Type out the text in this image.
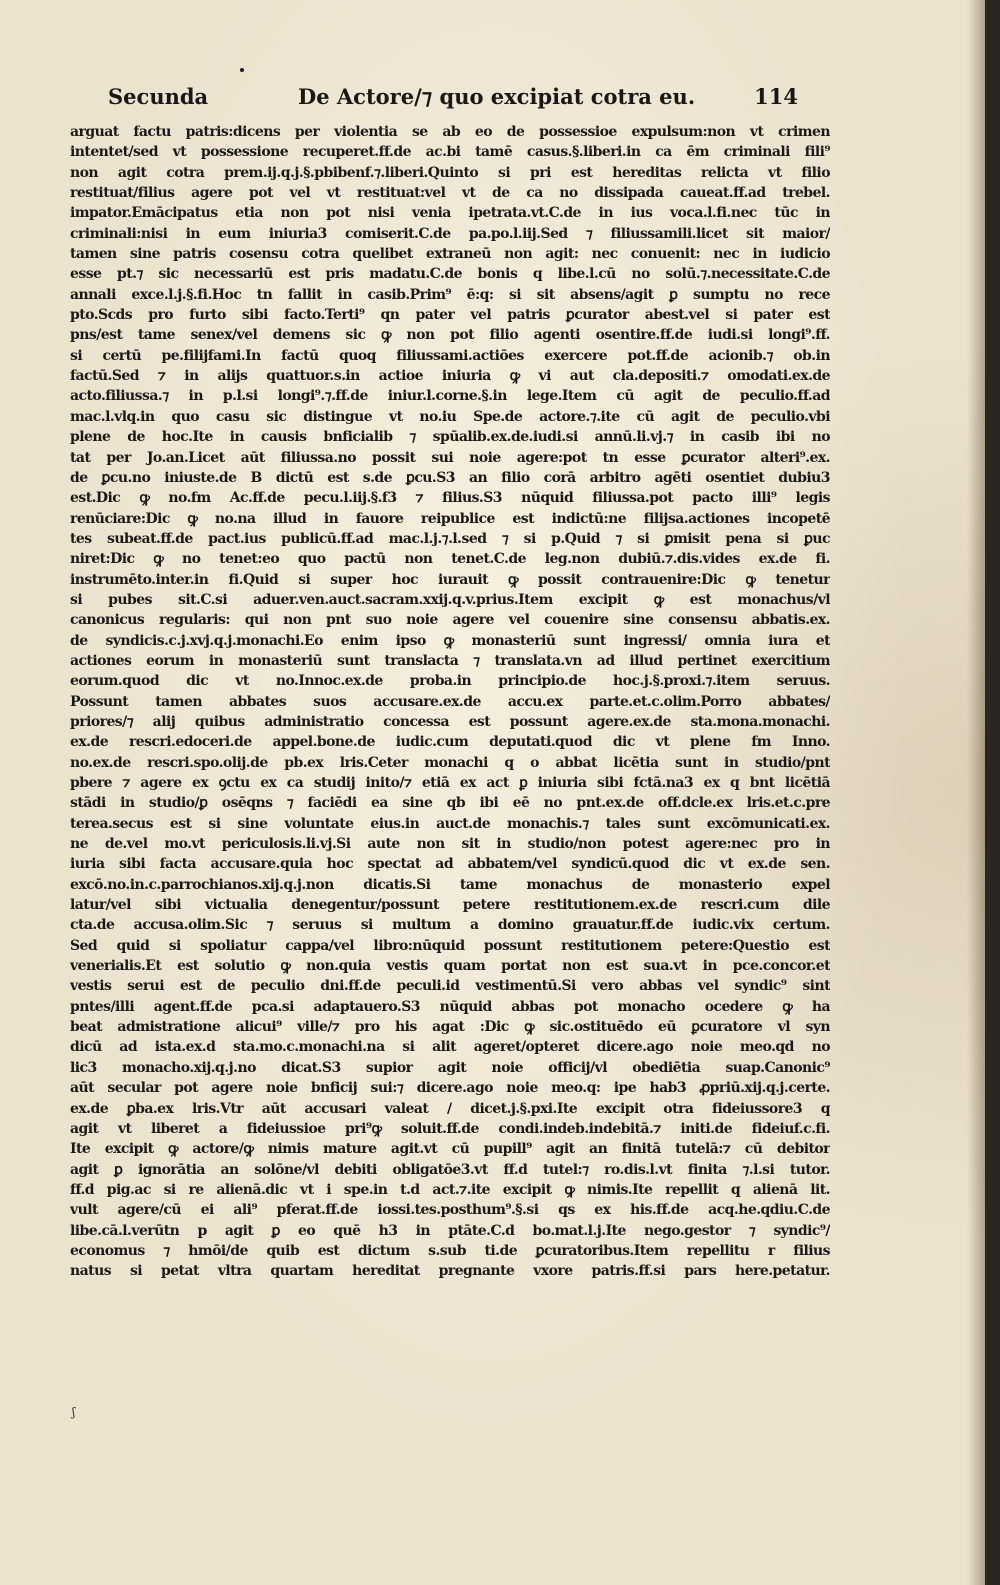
Secunda	De Actore/⁊ quo excipiat cotra eu.	114
arguat factu patris:dicens per violentia se ab eo de possessioe expulsum:non vt crimen
intentet/sed vt possessione recuperet.ff.de ac.bi tamē casus.§.liberi.in ca ēm criminali fili⁹
non agit cotra prem.ij.q.j.§.pbibenf.⁊.liberi.Quinto si pri est hereditas relicta vt filio
restituat/filius agere pot vel vt restituat:vel vt de ca no dissipada caueat.ff.ad trebel.
impator.Emācipatus etia non pot nisi venia ipetrata.vt.C.de in ius voca.l.fi.nec tūc in
criminali:nisi in eum iniuria3 comiserit.C.de pa.po.l.iij.Sed ⁊ filiussamili.licet sit maior/
tamen sine patris cosensu cotra quelibet extraneū non agit: nec conuenit: nec in iudicio
esse pt.⁊ sic necessariū est pris madatu.C.de bonis q libe.l.cū no solū.⁊.necessitate.C.de
annali exce.l.j.§.fi.Hoc tn fallit in casib.Prim⁹ ē:q: si sit absens/agit ꝑ sumptu no rece
pto.Scds pro furto sibi facto.Terti⁹ qn pater vel patris ꝑcurator abest.vel si pater est
pns/est tame senex/vel demens sic ꝙ non pot filio agenti osentire.ff.de iudi.si longi⁹.ff.
si certū pe.filijfami.In factū quoq filiussami.actiōes exercere pot.ff.de acionib.⁊ ob.in
factū.Sed ⁊ in alijs quattuor.s.in actioe iniuria ꝙ vi aut cla.depositi.⁊ omodati.ex.de
acto.filiussa.⁊ in p.l.si longi⁹.⁊.ff.de iniur.l.corne.§.in lege.Item cū agit de peculio.ff.ad
mac.l.vlq.in quo casu sic distingue vt no.iu Spe.de actore.⁊.ite cū agit de peculio.vbi
plene de hoc.Ite in causis bnficialib ⁊ spūalib.ex.de.iudi.si annū.li.vj.⁊ in casib ibi no
tat per Jo.an.Licet aūt filiussa.no possit sui noie agere:pot tn esse ꝑcurator alteri⁹.ex.
de ꝑcu.no iniuste.de B dictū est s.de ꝑcu.S3 an filio corā arbitro agēti osentiet dubiu3
est.Dic ꝙ no.fm Ac.ff.de pecu.l.iij.§.f3 ⁊ filius.S3 nūquid filiussa.pot pacto illi⁹ legis
renūciare:Dic ꝙ no.na illud in fauore reipublice est indictū:ne filijsa.actiones incopetē
tes subeat.ff.de pact.ius publicū.ff.ad mac.l.j.⁊.l.sed ⁊ si p.Quid ⁊ si ꝑmisit pena si ꝑuc
niret:Dic ꝙ no tenet:eo quo pactū non tenet.C.de leg.non dubiū.⁊.dis.vides ex.de fi.
instrumēto.inter.in fi.Quid si super hoc iurauit ꝙ possit contrauenire:Dic ꝙ tenetur
si pubes sit.C.si aduer.ven.auct.sacram.xxij.q.v.prius.Item excipit ꝙ est monachus/vl
canonicus regularis: qui non pnt suo noie agere vel couenire sine consensu abbatis.ex.
de syndicis.c.j.xvj.q.j.monachi.Eo enim ipso ꝙ monasteriū sunt ingressi/ omnia iura et
actiones eorum in monasteriū sunt translacta ⁊ translata.vn ad illud pertinet exercitium
eorum.quod dic vt no.Innoc.ex.de proba.in principio.de hoc.j.§.proxi.⁊.item seruus.
Possunt tamen abbates suos accusare.ex.de accu.ex parte.et.c.olim.Porro abbates/
priores/⁊ alij quibus administratio concessa est possunt agere.ex.de sta.mona.monachi.
ex.de rescri.edoceri.de appel.bone.de iudic.cum deputati.quod dic vt plene fm Inno.
no.ex.de rescri.spo.olij.de pb.ex lris.Ceter monachi q o abbat licētia sunt in studio/pnt
pbere ⁊ agere ex ꝯctu ex ca studij inito/⁊ etiā ex act ꝑ iniuria sibi fctā.na3 ex q bnt licētiā
stādi in studio/ꝑ osēqns ⁊ faciēdi ea sine qb ibi eē no pnt.ex.de off.dcle.ex lris.et.c.pre
terea.secus est si sine voluntate eius.in auct.de monachis.⁊ tales sunt excōmunicati.ex.
ne de.vel mo.vt periculosis.li.vj.Si aute non sit in studio/non potest agere:nec pro in
iuria sibi facta accusare.quia hoc spectat ad abbatem/vel syndicū.quod dic vt ex.de sen.
excō.no.in.c.parrochianos.xij.q.j.non dicatis.Si tame monachus de monasterio expel
latur/vel sibi victualia denegentur/possunt petere restitutionem.ex.de rescri.cum dile
cta.de accusa.olim.Sic ⁊ seruus si multum a domino grauatur.ff.de iudic.vix certum.
Sed quid si spoliatur cappa/vel libro:nūquid possunt restitutionem petere:Questio est
venerialis.Et est solutio ꝙ non.quia vestis quam portat non est sua.vt in pce.concor.et
vestis serui est de peculio dni.ff.de peculi.id vestimentū.Si vero abbas vel syndic⁹ sint
pntes/illi agent.ff.de pca.si adaptauero.S3 nūquid abbas pot monacho ocedere ꝙ ha
beat admistratione alicui⁹ ville/⁊ pro his agat :Dic ꝙ sic.ostituēdo eū ꝑcuratore vl syn
dicū ad ista.ex.d sta.mo.c.monachi.na si alit ageret/opteret dicere.ago noie meo.qd no
lic3 monacho.xij.q.j.no dicat.S3 supior agit noie officij/vl obediētia suap.Canonic⁹
aūt secular pot agere noie bnficij sui:⁊ dicere.ago noie meo.q: ipe hab3 ꝓpriū.xij.q.j.certe.
ex.de ꝑba.ex lris.Vtr aūt accusari valeat / dicet.j.§.pxi.Ite excipit otra fideiussore3 q
agit vt liberet a fideiussioe pri⁹ꝙ soluit.ff.de condi.indeb.indebitā.⁊ initi.de fideiuf.c.fi.
Ite excipit ꝙ actore/ꝙ nimis mature agit.vt cū pupill⁹ agit an finitā tutelā:⁊ cū debitor
agit ꝑ ignorātia an solōne/vl debiti obligatōe3.vt ff.d tutel:⁊ ro.dis.l.vt finita ⁊.l.si tutor.
ff.d pig.ac si re alienā.dic vt i spe.in t.d act.⁊.ite excipit ꝙ nimis.Ite repellit q alienā lit.
vult agere/cū ei ali⁹ pferat.ff.de iossi.tes.posthum⁹.§.si qs ex his.ff.de acq.he.qdiu.C.de
libe.cā.l.verūtn p agit ꝑ eo quē h3 in ptāte.C.d bo.mat.l.j.Ite nego.gestor ⁊ syndic⁹/
economus ⁊ hmōi/de quib est dictum s.sub ti.de ꝑcuratoribus.Item repellitu r filius
natus si petat vltra quartam hereditat pregnante vxore patris.ff.si pars here.petatur.
ʃ
